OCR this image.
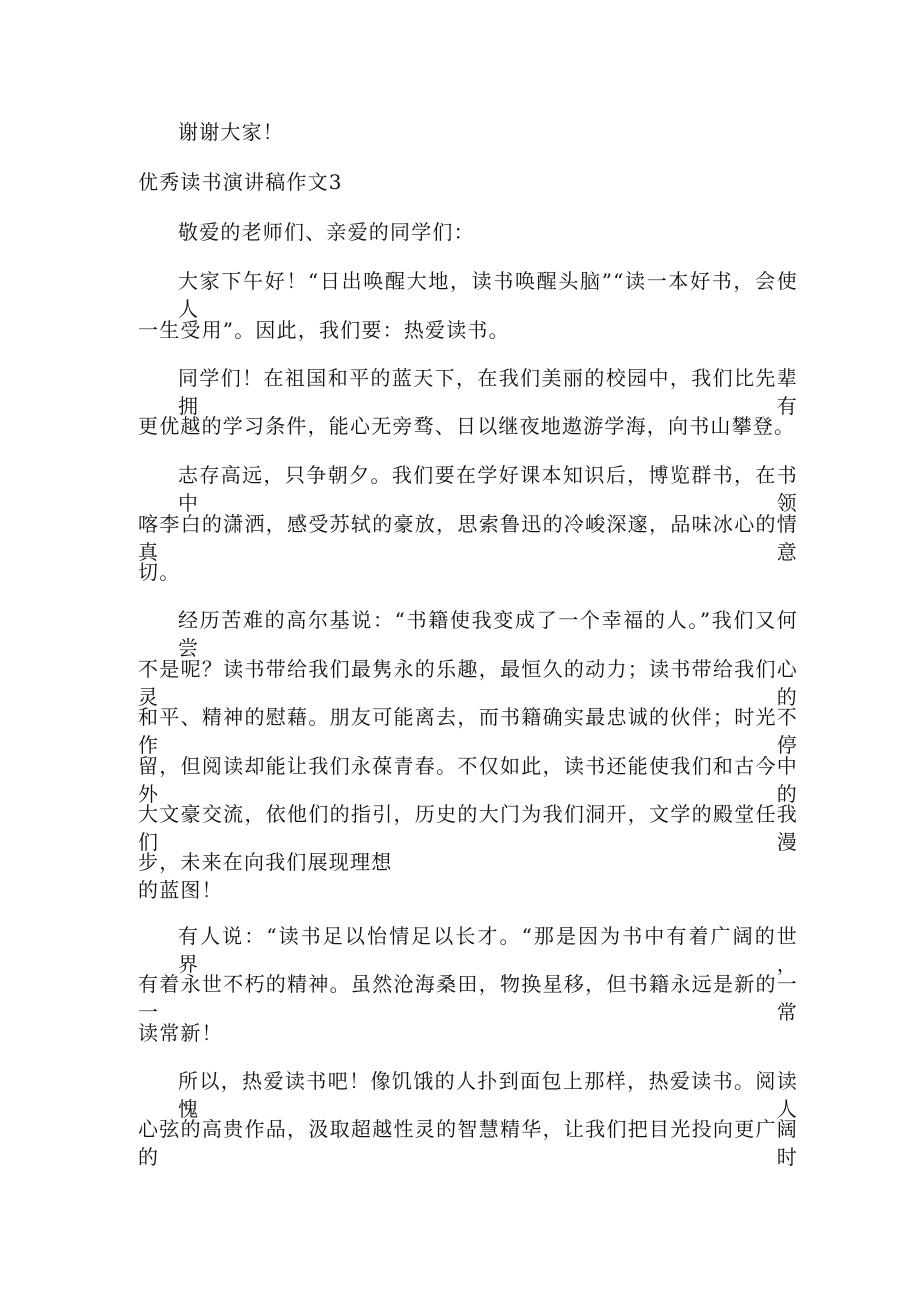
谢谢大家！
优秀读书演讲稿作文3
敬爱的老师们、亲爱的同学们：
大家下午好！“日出唤醒大地，读书唤醒头脑”“读一本好书，会使人
一生受用”。因此，我们要：热爱读书。
同学们！在祖国和平的蓝天下，在我们美丽的校园中，我们比先辈拥有
更优越的学习条件，能心无旁骛、日以继夜地遨游学海，向书山攀登。
志存高远，只争朝夕。我们要在学好课本知识后，博览群书，在书中领
喀李白的潇洒，感受苏轼的豪放，思索鲁迅的冷峻深邃，品味冰心的情真意
切。
经历苦难的高尔基说：“书籍使我变成了一个幸福的人。”我们又何尝
不是呢？读书带给我们最隽永的乐趣，最恒久的动力；读书带给我们心灵的
和平、精神的慰藉。朋友可能离去，而书籍确实最忠诚的伙伴；时光不作停
留，但阅读却能让我们永葆青春。不仅如此，读书还能使我们和古今中外的
大文豪交流，依他们的指引，历史的大门为我们洞开，文学的殿堂任我们漫
步，未来在向我们展现理想
的蓝图！
有人说：“读书足以怡情足以长才。“那是因为书中有着广阔的世界，
有着永世不朽的精神。虽然沧海桑田，物换星移，但书籍永远是新的一一常
读常新！
所以，热爱读书吧！像饥饿的人扑到面包上那样，热爱读书。阅读愧人
心弦的高贵作品，汲取超越性灵的智慧精华，让我们把目光投向更广阔的时
